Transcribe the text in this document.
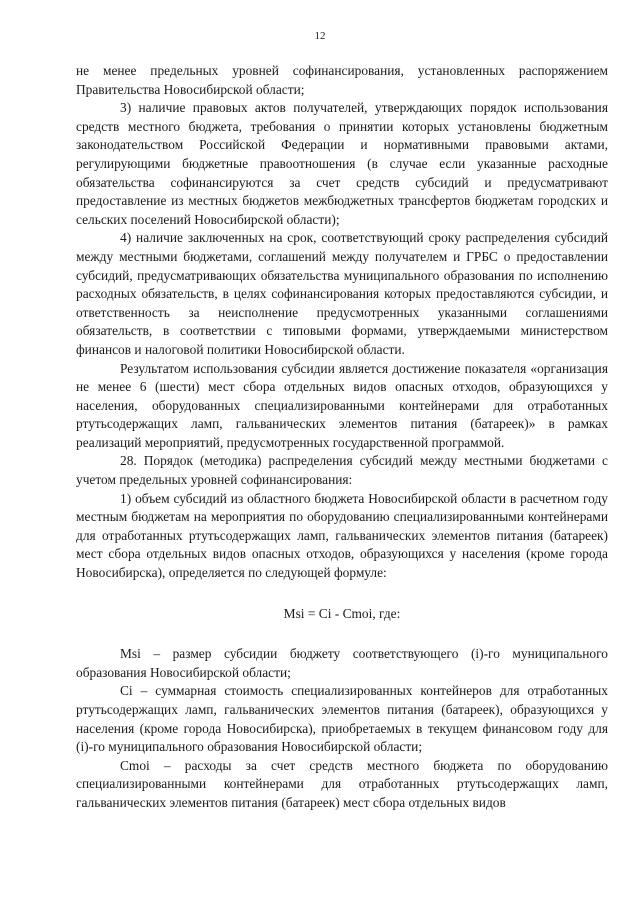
12

не менее предельных уровней софинансирования, установленных распоряжением Правительства Новосибирской области;

3) наличие правовых актов получателей, утверждающих порядок использования средств местного бюджета, требования о принятии которых установлены бюджетным законодательством Российской Федерации и нормативными правовыми актами, регулирующими бюджетные правоотношения (в случае если указанные расходные обязательства софинансируются за счет средств субсидий и предусматривают предоставление из местных бюджетов межбюджетных трансфертов бюджетам городских и сельских поселений Новосибирской области);

4) наличие заключенных на срок, соответствующий сроку распределения субсидий между местными бюджетами, соглашений между получателем и ГРБС о предоставлении субсидий, предусматривающих обязательства муниципального образования по исполнению расходных обязательств, в целях софинансирования которых предоставляются субсидии, и ответственность за неисполнение предусмотренных указанными соглашениями обязательств, в соответствии с типовыми формами, утверждаемыми министерством финансов и налоговой политики Новосибирской области.

Результатом использования субсидии является достижение показателя «организация не менее 6 (шести) мест сбора отдельных видов опасных отходов, образующихся у населения, оборудованных специализированными контейнерами для отработанных ртутьсодержащих ламп, гальванических элементов питания (батареек)» в рамках реализаций мероприятий, предусмотренных государственной программой.

28. Порядок (методика) распределения субсидий между местными бюджетами с учетом предельных уровней софинансирования:

1) объем субсидий из областного бюджета Новосибирской области в расчетном году местным бюджетам на мероприятия по оборудованию специализированными контейнерами для отработанных ртутьсодержащих ламп, гальванических элементов питания (батареек) мест сбора отдельных видов опасных отходов, образующихся у населения (кроме города Новосибирска), определяется по следующей формуле:

Msi = Ci - Cmoi, где:

Msi – размер субсидии бюджету соответствующего (i)-го муниципального образования Новосибирской области;

Ci – суммарная стоимость специализированных контейнеров для отработанных ртутьсодержащих ламп, гальванических элементов питания (батареек), образующихся у населения (кроме города Новосибирска), приобретаемых в текущем финансовом году для (i)-го муниципального образования Новосибирской области;

Cmoi – расходы за счет средств местного бюджета по оборудованию специализированными контейнерами для отработанных ртутьсодержащих ламп, гальванических элементов питания (батареек) мест сбора отдельных видов
